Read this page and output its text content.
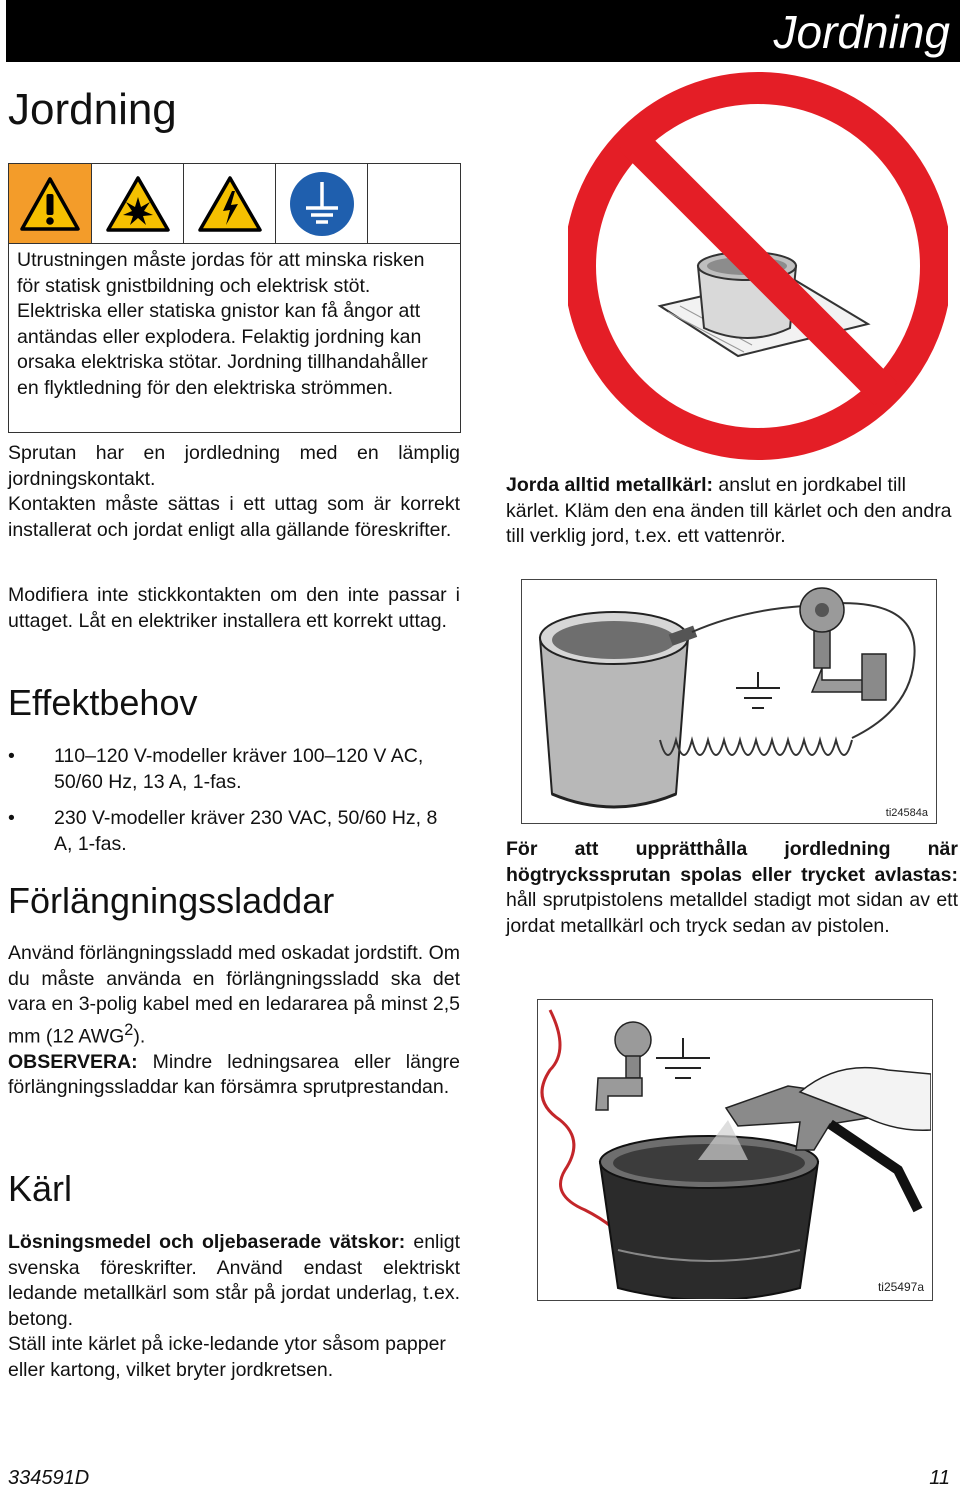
Jordning
Jordning
Utrustningen måste jordas för att minska risken för statisk gnistbildning och elektrisk stöt. Elektriska eller statiska gnistor kan få ångor att antändas eller explodera. Felaktig jordning kan orsaka elektriska stötar. Jordning tillhandahåller en flyktledning för den elektriska strömmen.

Sprutan har en jordledning med en lämplig jordningskontakt.

Kontakten måste sättas i ett uttag som är korrekt installerat och jordat enligt alla gällande föreskrifter.

Modifiera inte stickkontakten om den inte passar i uttaget. Låt en elektriker installera ett korrekt uttag.

Effektbehov
• 110–120 V-modeller kräver 100–120 V AC, 50/60 Hz, 13 A, 1-fas.
• 230 V-modeller kräver 230 VAC, 50/60 Hz, 8 A, 1-fas.
Förlängningssladdar

Använd förlängningssladd med oskadat jordstift. Om du måste använda en förlängningssladd ska det vara en 3-polig kabel med en ledararea på minst 2,5 mm (12 AWG$^2$).
OBSERVERA: Mindre ledningsarea eller längre förlängningssladdar kan försämra sprutprestandan.

Kärl

Lösningsmedel och oljebaserade vätskor: enligt svenska föreskrifter. Använd endast elektriskt ledande metallkärl som står på jordat underlag, t.ex. betong.

Ställ inte kärlet på icke-ledande ytor såsom papper eller kartong, vilket bryter jordkretsen.

Jorda alltid metallkärl: anslut en jordkabel till kärlet. Kläm den ena änden till kärlet och den andra till verklig jord, t.ex. ett vattenrör.

ti24584a

För att upprätthålla jordledning när högtryckssprutan spolas eller trycket avlastas: håll sprutpistolens metalldel stadigt mot sidan av ett jordat metallkärl och tryck sedan av pistolen.

ti25497a
334591D	11
